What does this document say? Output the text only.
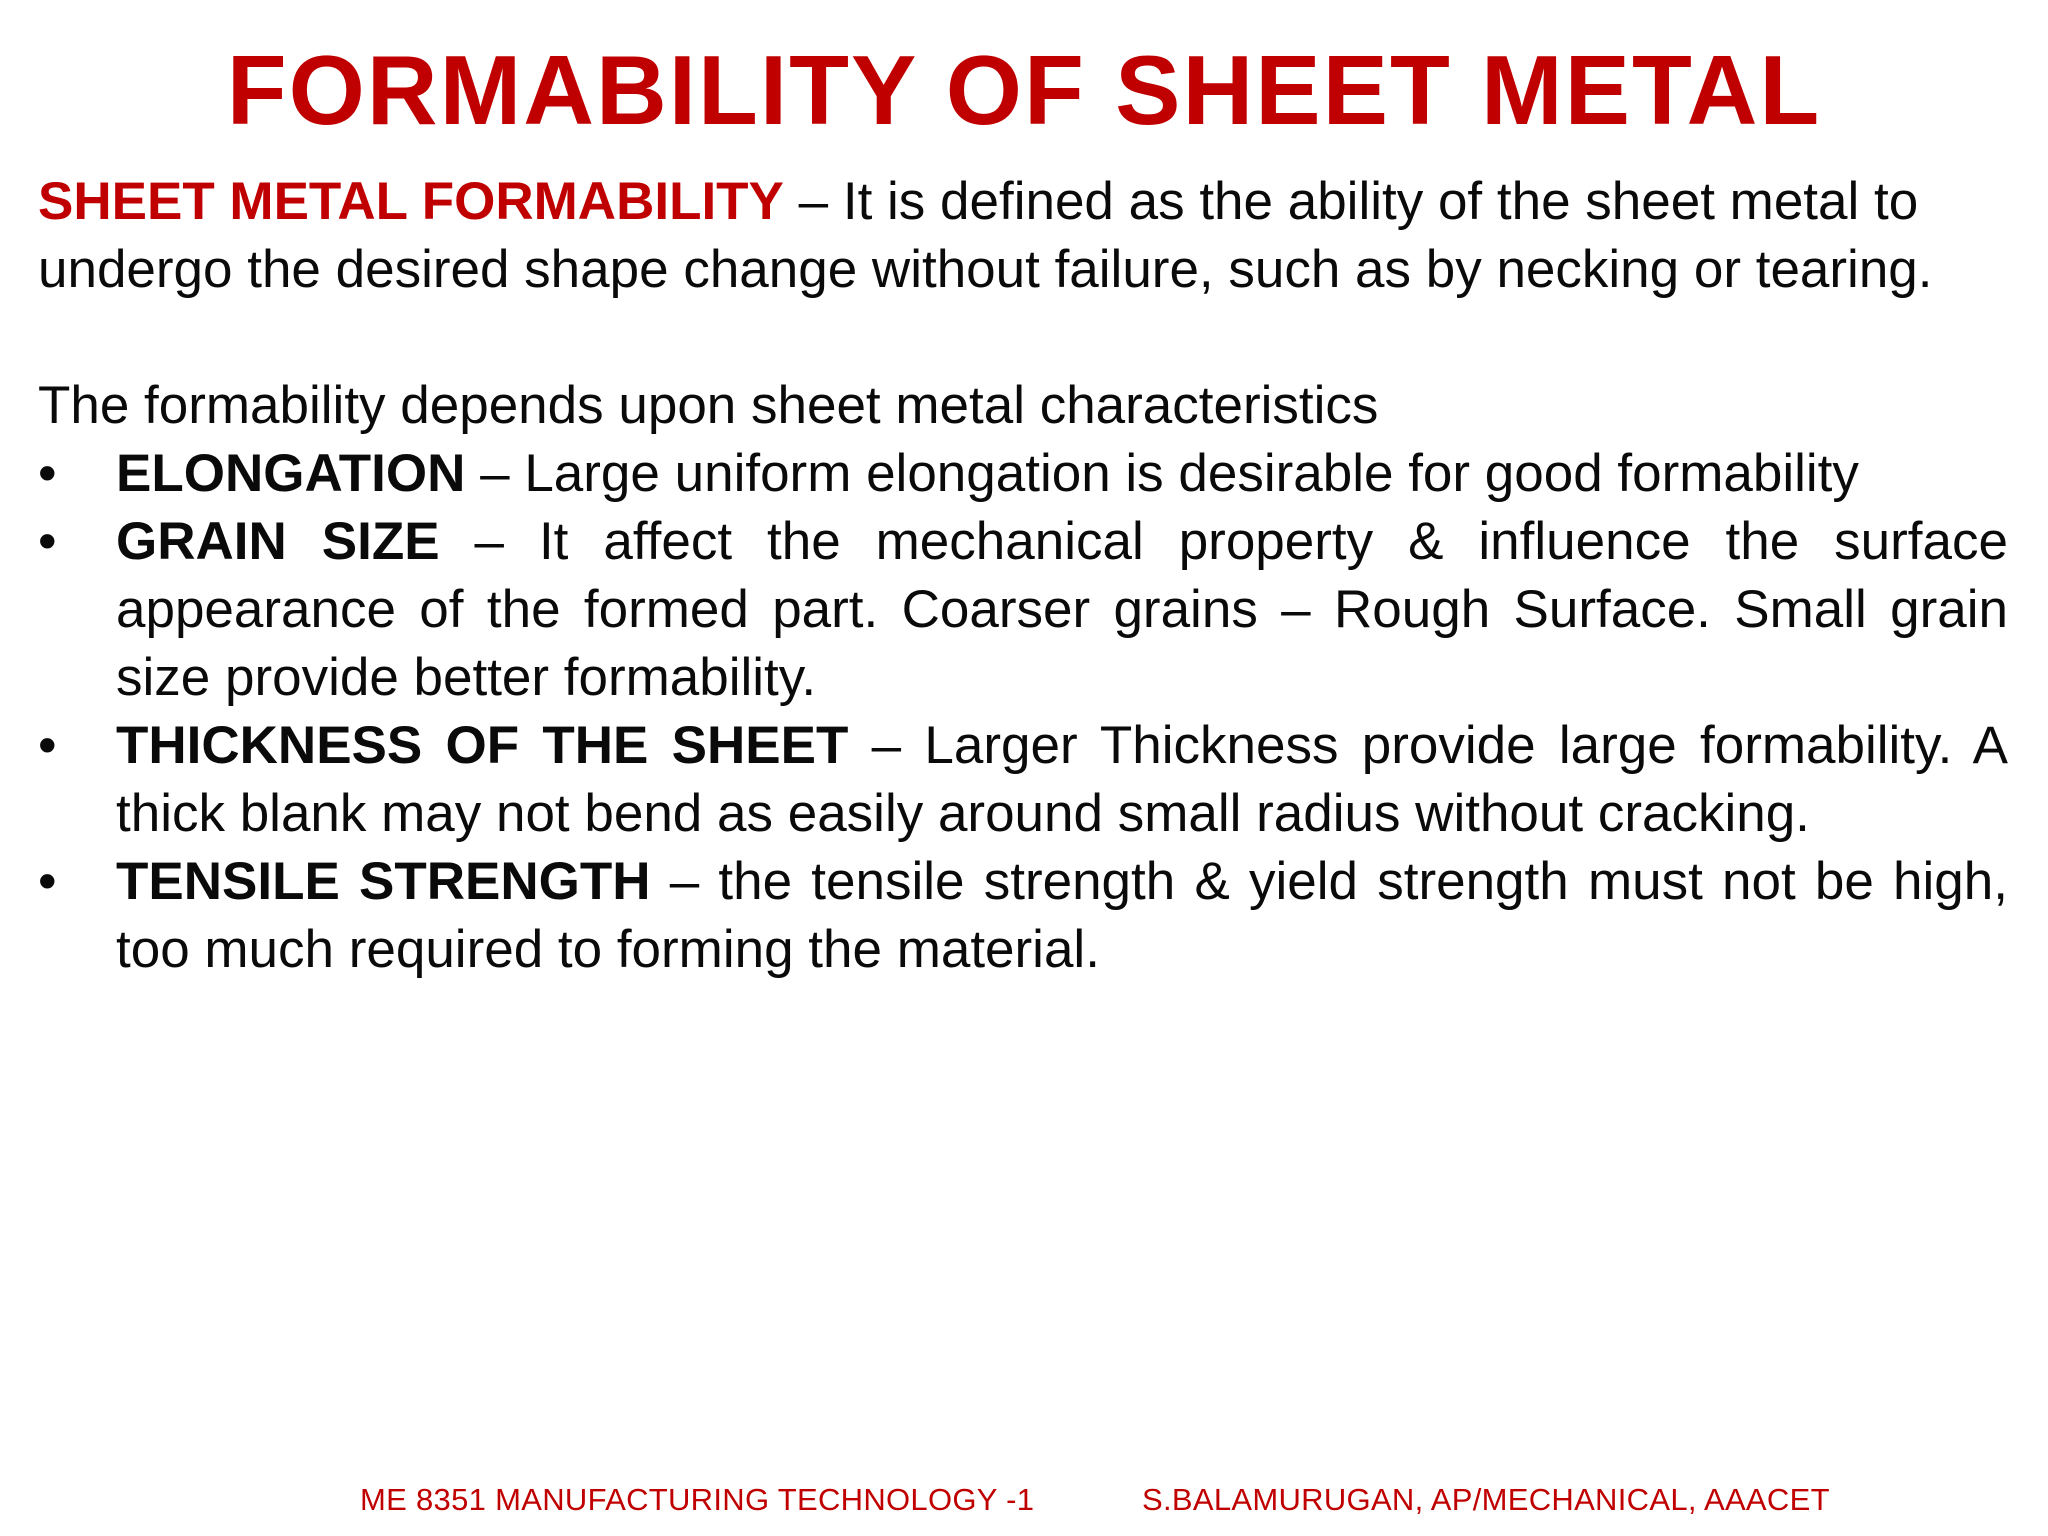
FORMABILITY OF SHEET METAL

SHEET METAL FORMABILITY – It is defined as the ability of the sheet metal to undergo the desired shape change without failure, such as by necking or tearing.

The formability depends upon sheet metal characteristics

•	ELONGATION – Large uniform elongation is desirable for good formability
•	GRAIN SIZE – It affect the mechanical property & influence the surface appearance of the formed part. Coarser grains – Rough Surface. Small grain size provide better formability.
•	THICKNESS OF THE SHEET – Larger Thickness provide large formability. A thick blank may not bend as easily around small radius without cracking.
•	TENSILE STRENGTH – the tensile strength & yield strength must not be high, too much required to forming the material.
ME 8351 MANUFACTURING TECHNOLOGY -1	S.BALAMURUGAN, AP/MECHANICAL, AAACET
